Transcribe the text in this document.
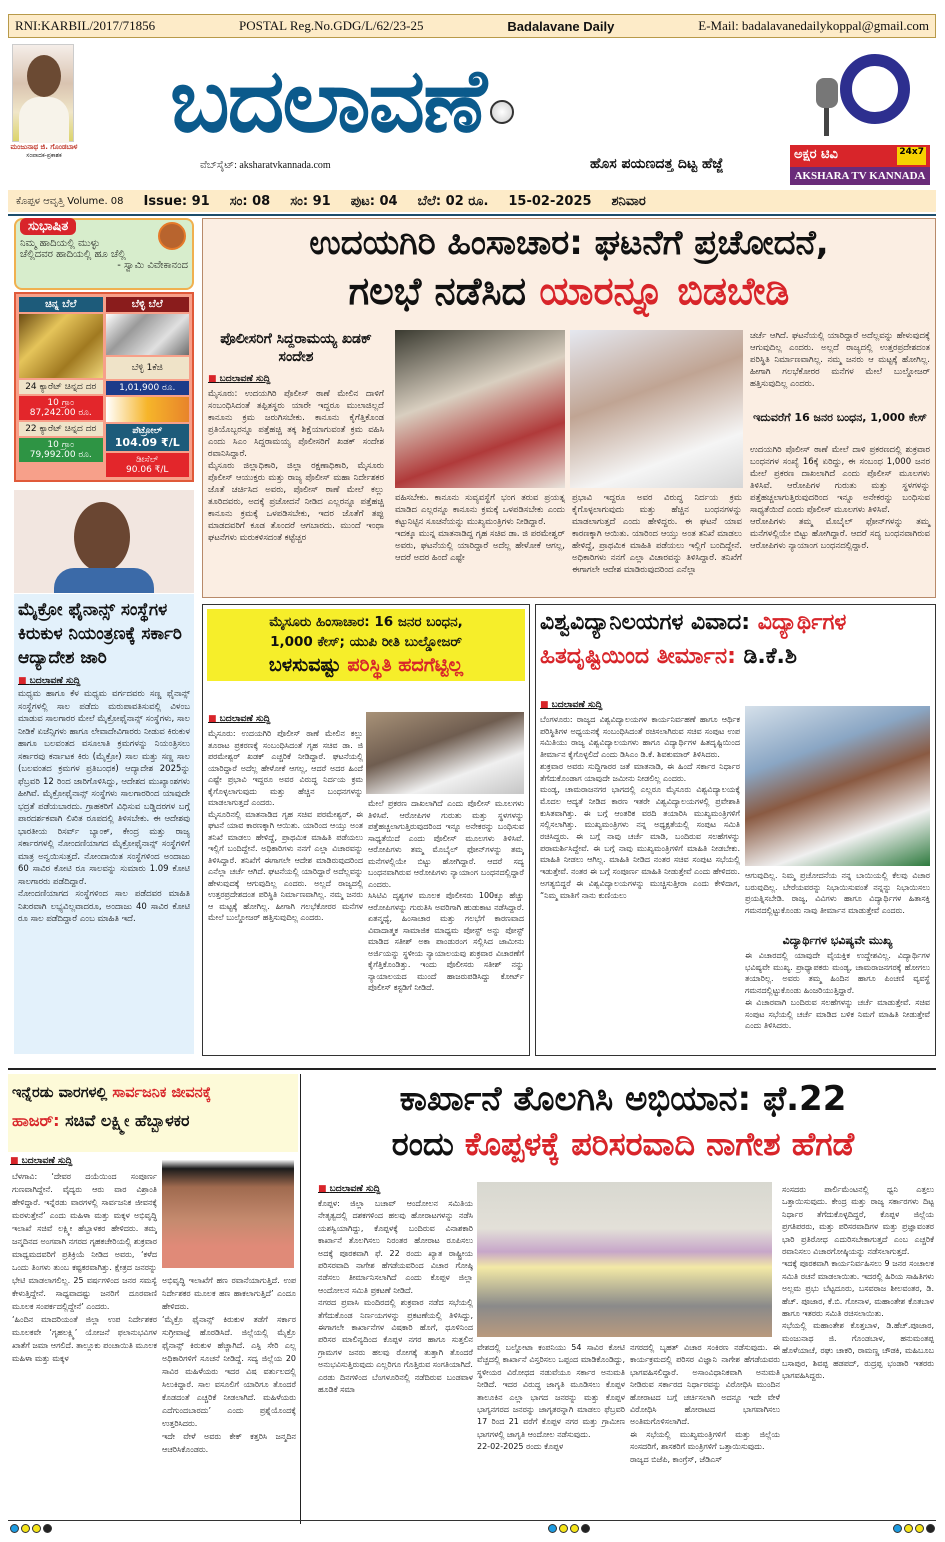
RNI:KARBIL/2017/71856	POSTAL Reg.No.GDG/L/62/23-25	Badalavane Daily	E-Mail: badalavanedailykoppal@gmail.com
ಮಂಜುನಾಥ ಜಿ. ಗೊಂಡಬಾಳ
ಸಂಪಾದಕ-ಪ್ರಕಾಶಕ
ಬದಲಾವಣೆ
ವೆಬ್‌ಸೈಟ್: aksharatvkannada.com	ಹೊಸ ಪಯಣದತ್ತ ದಿಟ್ಟ ಹೆಜ್ಜೆ
ಅಕ್ಷರ ಟಿವಿ	24x7
AKSHARA TV KANNADA
ಕೊಪ್ಪಳ ಆವೃತ್ತಿ Volume. 08 Issue: 91 ಸಂ: 08 ಸಂ: 91 ಪುಟ: 04 ಬೆಲೆ: 02 ರೂ. 15-02-2025 ಶನಿವಾರ
ಸುಭಾಷಿತ
ನಿಮ್ಮ ಹಾದಿಯಲ್ಲಿ ಮುಳ್ಳು
ಚೆಲ್ಲಿದವರ ಹಾದಿಯಲ್ಲಿ ಹೂ ಚೆಲ್ಲಿ
- ಸ್ವಾಮಿ ವಿವೇಕಾನಂದ
ಚಿನ್ನ ಬೆಲೆ
24 ಕ್ಯಾರೆಟ್ ಚಿನ್ನದ ದರ
10 ಗ್ರಾಂ
87,242.00 ರೂ.
22 ಕ್ಯಾರೆಟ್ ಚಿನ್ನದ ದರ
10 ಗ್ರಾಂ
79,992.00 ರೂ.
ಬೆಳ್ಳಿ ಬೆಲೆ
ಬೆಳ್ಳಿ 1ಕೆಜಿ
1,01,900 ರೂ.
ಪೆಟ್ರೋಲ್
104.09 ₹/L
ಡೀಸೆಲ್
90.06 ₹/L
ಮೈಕ್ರೋ ಫೈನಾನ್ಸ್ ಸಂಸ್ಥೆಗಳ ಕಿರುಕುಳ ನಿಯಂತ್ರಣಕ್ಕೆ ಸರ್ಕಾರಿ ಆದ್ಯಾದೇಶ ಜಾರಿ
■ ಬದಲಾವಣೆ ಸುದ್ದಿ
ಮಧ್ಯಮ ಹಾಗೂ ಕೆಳ ಮಧ್ಯಮ ವರ್ಗದವರು ಸಣ್ಣ ಫೈನಾನ್ಸ್ ಸಂಸ್ಥೆಗಳಲ್ಲಿ ಸಾಲ ಪಡೆದು ಮರುಪಾವತಿಸುವಲ್ಲಿ ವಿಳಂಬ ಮಾಡುವ ಸಾಲಗಾರರ ಮೇಲೆ ಮೈಕ್ರೋಫೈನಾನ್ಸ್ ಸಂಸ್ಥೆಗಳು, ಸಾಲ ನೀಡಿಕೆ ಏಜೆನ್ಸಿಗಳು ಹಾಗೂ ಲೇವಾದೇವಿಗಾರರು ನೀಡುವ ಕಿರುಕುಳ ಹಾಗೂ ಬಲವಂತದ ವಸೂಲಾತಿ ಕ್ರಮಗಳನ್ನು ನಿಯಂತ್ರಿಸಲು ಸರ್ಕಾರವು ಕರ್ನಾಟಕ ಕಿರು (ಮೈಕ್ರೋ) ಸಾಲ ಮತ್ತು ಸಣ್ಣ ಸಾಲ (ಬಲವಂತದ ಕ್ರಮಗಳ ಪ್ರತಿಬಂಧಕ) ಆದ್ಯಾದೇಶ 2025ನ್ನು ಫೆಬ್ರವರಿ 12 ರಿಂದ ಜಾರಿಗೊಳಿಸಿದ್ದು, ಆದೇಶದ ಮುಖ್ಯಾಂಶಗಳು ಹೀಗಿವೆ. ಮೈಕ್ರೋಫೈನಾನ್ಸ್ ಸಂಸ್ಥೆಗಳು ಸಾಲಗಾರರಿಂದ ಯಾವುದೇ ಭದ್ರತೆ ಪಡೆಯಬಾರದು. ಗ್ರಾಹಕರಿಗೆ ವಿಧಿಸುವ ಬಡ್ಡಿದರಗಳ ಬಗ್ಗೆ ಪಾರದರ್ಶಕವಾಗಿ ಲಿಖಿತ ರೂಪದಲ್ಲಿ ತಿಳಿಸಬೇಕು. ಈ ಆದೇಶವು ಭಾರತೀಯ ರಿಸರ್ವ್ ಬ್ಯಾಂಕ್, ಕೇಂದ್ರ ಮತ್ತು ರಾಜ್ಯ ಸರ್ಕಾರಗಳಲ್ಲಿ ನೋಂದಣಿಯಾಗದ ಮೈಕ್ರೋಫೈನಾನ್ಸ್ ಸಂಸ್ಥೆಗಳಿಗೆ ಮಾತ್ರ ಅನ್ವಯಿಸುತ್ತದೆ. ನೋಂದಾಯಿತ ಸಂಸ್ಥೆಗಳಿಂದ ಅಂದಾಜು 60 ಸಾವಿರ ಕೋಟಿ ರೂ ಸಾಲವನ್ನು ಸುಮಾರು 1.09 ಕೋಟಿ ಸಾಲಗಾರರು ಪಡೆದಿದ್ದಾರೆ.
ನೋಂದಣಿಯಾಗದ ಸಂಸ್ಥೆಗಳಿಂದ ಸಾಲ ಪಡೆದವರ ಮಾಹಿತಿ ನಿಖರವಾಗಿ ಲಭ್ಯವಿಲ್ಲವಾದರೂ, ಅಂದಾಜು 40 ಸಾವಿರ ಕೋಟಿ ರೂ ಸಾಲ ಪಡೆದಿದ್ದಾರೆ ಎಂಬ ಮಾಹಿತಿ ಇದೆ.
ಉದಯಗಿರಿ ಹಿಂಸಾಚಾರ: ಘಟನೆಗೆ ಪ್ರಚೋದನೆ,
ಗಲಭೆ ನಡೆಸಿದ ಯಾರನ್ನೂ ಬಿಡಬೇಡಿ
ಪೊಲೀಸರಿಗೆ ಸಿದ್ದರಾಮಯ್ಯ ಖಡಕ್ ಸಂದೇಶ
■ ಬದಲಾವಣೆ ಸುದ್ದಿ
ಮೈಸೂರು: ಉದಯಗಿರಿ ಪೊಲೀಸ್ ಠಾಣೆ ಮೇಲಿನ ದಾಳಿಗೆ ಸಂಬಂಧಿಸಿದಂತೆ ತಪ್ಪಿತಸ್ಥರು ಯಾರೇ ಇದ್ದರೂ ಮುಲಾಜಿಲ್ಲದೆ ಕಾನೂನು ಕ್ರಮ ಜರುಗಿಸಬೇಕು. ಕಾನೂನು ಕೈಗೆತ್ತಿಕೊಂಡ ಪ್ರತಿಯೊಬ್ಬರನ್ನೂ ಪತ್ತೆಹಚ್ಚಿ ತಕ್ಕ ಶಿಕ್ಷೆಯಾಗುವಂತೆ ಕ್ರಮ ವಹಿಸಿ ಎಂದು ಸಿಎಂ ಸಿದ್ದರಾಮಯ್ಯ ಪೊಲೀಸರಿಗೆ ಖಡಕ್ ಸಂದೇಶ ರವಾನಿಸಿದ್ದಾರೆ.
ಮೈಸೂರು ಜಿಲ್ಲಾಧಿಕಾರಿ, ಜಿಲ್ಲಾ ರಕ್ಷಣಾಧಿಕಾರಿ, ಮೈಸೂರು ಪೊಲೀಸ್ ಆಯುಕ್ತರು ಮತ್ತು ರಾಜ್ಯ ಪೊಲೀಸ್ ಮಹಾ ನಿರ್ದೇಶಕರ ಜೊತೆ ಚರ್ಚಿಸಿದ ಅವರು, ಪೊಲೀಸ್ ಠಾಣೆ ಮೇಲೆ ಕಲ್ಲು ತೂರಿದವರು, ಅದಕ್ಕೆ ಪ್ರಚೋದನೆ ನೀಡಿದ ಎಲ್ಲರನ್ನೂ ಪತ್ತೆಹಚ್ಚಿ ಕಾನೂನು ಕ್ರಮಕ್ಕೆ ಒಳಪಡಿಸಬೇಕು, ಇದರ ಜೊತೆಗೆ ತಪ್ಪು ಮಾಡದವರಿಗೆ ಕೂಡ ತೊಂದರೆ ಆಗಬಾರದು. ಮುಂದೆ ಇಂಥಾ ಘಟನೆಗಳು ಮರುಕಳಿಸದಂತೆ ಕಟ್ಟೆಚ್ಚರ
ವಹಿಸಬೇಕು. ಕಾನೂನು ಸುವ್ಯವಸ್ಥೆಗೆ ಭಂಗ ತರುವ ಪ್ರಯತ್ನ ಮಾಡಿದ ಎಲ್ಲರನ್ನೂ ಕಾನೂನು ಕ್ರಮಕ್ಕೆ ಒಳಪಡಿಸಬೇಕು ಎಂದು ಕಟ್ಟುನಿಟ್ಟಿನ ಸೂಚನೆಯನ್ನು ಮುಖ್ಯಮಂತ್ರಿಗಳು ನೀಡಿದ್ದಾರೆ.
ಇದಕ್ಕೂ ಮುನ್ನ ಮಾತನಾಡಿದ್ದ ಗೃಹ ಸಚಿವ ಡಾ. ಜಿ ಪರಮೇಶ್ವರ್ ಅವರು, ಘಟನೆಯಲ್ಲಿ ಯಾರಿದ್ದಾರೆ ಅದೆಲ್ಲ ಹೇಳೋಕೆ ಆಗಲ್ಲ, ಆದರೆ ಅದರ ಹಿಂದೆ ಎಷ್ಟೇ
ಪ್ರಭಾವಿ ಇದ್ದರೂ ಅವರ ವಿರುದ್ಧ ನಿರ್ದಯ ಕ್ರಮ ಕೈಗೊಳ್ಳಲಾಗುವುದು ಮತ್ತು ಹೆಚ್ಚಿನ ಬಂಧನಗಳನ್ನು ಮಾಡಲಾಗುತ್ತದೆ ಎಂದು ಹೇಳಿದ್ದರು. ಈ ಘಟನೆ ಯಾವ ಕಾರಣಕ್ಕಾಗಿ ಆಯಿತು. ಯಾರಿಂದ ಆಯ್ತು ಅಂತ ತನಿಖೆ ಮಾಡಲು ಹೇಳಿದ್ದೆ, ಪ್ರಾಥಮಿಕ ಮಾಹಿತಿ ಪಡೆಯಲು ಇಲ್ಲಿಗೆ ಬಂದಿದ್ದೇನೆ. ಅಧಿಕಾರಿಗಳು ನನಗೆ ಎಲ್ಲಾ ವಿಚಾರವನ್ನು ತಿಳಿಸಿದ್ದಾರೆ. ತನಿಖೆಗೆ ಈಗಾಗಲೇ ಆದೇಶ ಮಾಡಿರುವುದರಿಂದ ಎನೆಲ್ಲಾ
ಚರ್ಚೆ ಆಗಿದೆ. ಘಟನೆಯಲ್ಲಿ ಯಾರಿದ್ದಾರೆ ಅದೆಲ್ಲವನ್ನು ಹೇಳುವುದಕ್ಕೆ ಆಗುವುದಿಲ್ಲ ಎಂದರು. ಅಲ್ಲದೆ ರಾಜ್ಯದಲ್ಲಿ ಉತ್ತರಪ್ರದೇಶದಂತ ಪರಿಸ್ಥಿತಿ ನಿರ್ಮಾಣವಾಗಿಲ್ಲ. ನಮ್ಮ ಜನರು ಆ ಮಟ್ಟಕ್ಕೆ ಹೋಗಿಲ್ಲ. ಹೀಗಾಗಿ ಗಲಭೆಕೋರರ ಮನೆಗಳ ಮೇಲೆ ಬುಲ್ಡೋಜರ್ ಹತ್ತಿಸುವುದಿಲ್ಲ ಎಂದರು.
ಇದುವರೆಗೆ 16 ಜನರ ಬಂಧನ, 1,000 ಕೇಸ್
ಉದಯಗಿರಿ ಪೊಲೀಸ್ ಠಾಣೆ ಮೇಲೆ ದಾಳಿ ಪ್ರಕರಣದಲ್ಲಿ ಶುಕ್ರವಾರ ಬಂಧನಗಳ ಸಂಖ್ಯೆ 16ಕ್ಕೆ ಏರಿದ್ದು, ಈ ಸಂಬಂಧ 1,000 ಜನರ ಮೇಲೆ ಪ್ರಕರಣ ದಾಖಲಾಗಿದೆ ಎಂದು ಪೊಲೀಸ್ ಮೂಲಗಳು ತಿಳಿಸಿವೆ. ಆರೋಪಿಗಳ ಗುರುತು ಮತ್ತು ಸ್ಥಳಗಳನ್ನು ಪತ್ತೆಹಚ್ಚಲಾಗುತ್ತಿರುವುದರಿಂದ ಇನ್ನೂ ಅನೇಕರನ್ನು ಬಂಧಿಸುವ ಸಾಧ್ಯತೆಯಿದೆ ಎಂದು ಪೊಲೀಸ್ ಮೂಲಗಳು ತಿಳಿಸಿವೆ.
ಆರೋಪಿಗಳು ತಮ್ಮ ಮೊಬೈಲ್ ಫೋನ್‌ಗಳನ್ನು ತಮ್ಮ ಮನೆಗಳಲ್ಲಿಯೇ ಬಿಟ್ಟು ಹೋಗಿದ್ದಾರೆ. ಆದರೆ ಸದ್ಯ ಬಂಧನವಾಗಿರುವ ಆರೋಪಿಗಳು ನ್ಯಾಯಾಂಗ ಬಂಧನದಲ್ಲಿದ್ದಾರೆ.
ಮೈಸೂರು ಹಿಂಸಾಚಾರ: 16 ಜನರ ಬಂಧನ,
1,000 ಕೇಸ್; ಯುಪಿ ರೀತಿ ಬುಲ್ಡೋಜರ್
ಬಳಸುವಷ್ಟು ಪರಿಸ್ಥಿತಿ ಹದಗೆಟ್ಟಿಲ್ಲ
■ ಬದಲಾವಣೆ ಸುದ್ದಿ
ಮೈಸೂರು: ಉದಯಗಿರಿ ಪೊಲೀಸ್ ಠಾಣೆ ಮೇಲಿನ ಕಲ್ಲು ತೂರಾಟ ಪ್ರಕರಣಕ್ಕೆ ಸಂಬಂಧಿಸಿದಂತೆ ಗೃಹ ಸಚಿವ ಡಾ. ಜಿ ಪರಮೇಶ್ವರ್ ಖಡಕ್ ಎಚ್ಚರಿಕೆ ನೀಡಿದ್ದಾರೆ. ಘಟನೆಯಲ್ಲಿ ಯಾರಿದ್ದಾರೆ ಅದೆಲ್ಲ ಹೇಳೋಕೆ ಆಗಲ್ಲ, ಆದರೆ ಅದರ ಹಿಂದೆ ಎಷ್ಟೇ ಪ್ರಭಾವಿ ಇದ್ದರೂ ಅವರ ವಿರುದ್ಧ ನಿರ್ದಯ ಕ್ರಮ ಕೈಗೊಳ್ಳಲಾಗುವುದು ಮತ್ತು ಹೆಚ್ಚಿನ ಬಂಧನಗಳನ್ನು ಮಾಡಲಾಗುತ್ತದೆ ಎಂದರು.
ಮೈಸೂರಿನಲ್ಲಿ ಮಾತನಾಡಿದ ಗೃಹ ಸಚಿವ ಪರಮೇಶ್ವರ್, ಈ ಘಟನೆ ಯಾವ ಕಾರಣಕ್ಕಾಗಿ ಆಯಿತು. ಯಾರಿಂದ ಆಯ್ತು ಅಂತ ತನಿಖೆ ಮಾಡಲು ಹೇಳಿದ್ದೆ, ಪ್ರಾಥಮಿಕ ಮಾಹಿತಿ ಪಡೆಯಲು ಇಲ್ಲಿಗೆ ಬಂದಿದ್ದೇನೆ. ಅಧಿಕಾರಿಗಳು ನನಗೆ ಎಲ್ಲಾ ವಿಚಾರವನ್ನು ತಿಳಿಸಿದ್ದಾರೆ. ತನಿಖೆಗೆ ಈಗಾಗಲೇ ಆದೇಶ ಮಾಡಿರುವುದರಿಂದ ಎನೆಲ್ಲಾ ಚರ್ಚೆ ಆಗಿದೆ. ಘಟನೆಯಲ್ಲಿ ಯಾರಿದ್ದಾರೆ ಅದೆಲ್ಲವನ್ನು ಹೇಳುವುದಕ್ಕೆ ಆಗುವುದಿಲ್ಲ ಎಂದರು. ಅಲ್ಲದೆ ರಾಜ್ಯದಲ್ಲಿ ಉತ್ತರಪ್ರದೇಶದಂತ ಪರಿಸ್ಥಿತಿ ನಿರ್ಮಾಣವಾಗಿಲ್ಲ. ನಮ್ಮ ಜನರು ಆ ಮಟ್ಟಕ್ಕೆ ಹೋಗಿಲ್ಲ. ಹೀಗಾಗಿ ಗಲಭೆಕೋರರ ಮನೆಗಳ ಮೇಲೆ ಬುಲ್ಡೋಜರ್ ಹತ್ತಿಸುವುದಿಲ್ಲ ಎಂದರು.
ಮೇಲೆ ಪ್ರಕರಣ ದಾಖಲಾಗಿದೆ ಎಂದು ಪೊಲೀಸ್ ಮೂಲಗಳು ತಿಳಿಸಿವೆ. ಆರೋಪಿಗಳ ಗುರುತು ಮತ್ತು ಸ್ಥಳಗಳನ್ನು ಪತ್ತೆಹಚ್ಚಲಾಗುತ್ತಿರುವುದರಿಂದ ಇನ್ನೂ ಅನೇಕರನ್ನು ಬಂಧಿಸುವ ಸಾಧ್ಯತೆಯಿದೆ ಎಂದು ಪೊಲೀಸ್ ಮೂಲಗಳು ತಿಳಿಸಿವೆ. ಆರೋಪಿಗಳು ತಮ್ಮ ಮೊಬೈಲ್ ಫೋನ್‌ಗಳನ್ನು ತಮ್ಮ ಮನೆಗಳಲ್ಲಿಯೇ ಬಿಟ್ಟು ಹೋಗಿದ್ದಾರೆ. ಆದರೆ ಸದ್ಯ ಬಂಧನವಾಗಿರುವ ಆರೋಪಿಗಳು ನ್ಯಾಯಾಂಗ ಬಂಧನದಲ್ಲಿದ್ದಾರೆ ಎಂದರು.
ಸಿಸಿಟಿವಿ ದೃಶ್ಯಗಳ ಮೂಲಕ ಪೊಲೀಸರು 100ಕ್ಕೂ ಹೆಚ್ಚು ಆರೋಪಿಗಳನ್ನು ಗುರುತಿಸಿ ಅವರಿಗಾಗಿ ಹುಡುಕಾಟ ನಡೆಸಿದ್ದಾರೆ. ಏತನ್ಮಧ್ಯೆ, ಹಿಂಸಾಚಾರ ಮತ್ತು ಗಲಭೆಗೆ ಕಾರಣವಾದ ವಿವಾದಾತ್ಮಕ ಸಾಮಾಜಿಕ ಮಾಧ್ಯಮ ಪೋಸ್ಟ್ ಅನ್ನು ಪೋಸ್ಟ್ ಮಾಡಿದ ಸತೀಶ್ ಅಕಾ ಪಾಂಡುರಂಗ ಸಲ್ಲಿಸಿದ ಜಾಮೀನು ಅರ್ಜಿಯನ್ನು ಸ್ಥಳೀಯ ನ್ಯಾಯಾಲಯವು ಶುಕ್ರವಾರ ವಿಚಾರಣೆಗೆ ಕೈಗೆತ್ತಿಕೊಂಡಿತ್ತು. ಇಂದು ಪೊಲೀಸರು ಸತೀಶ್ ನನ್ನು ನ್ಯಾಯಾಲಯದ ಮುಂದೆ ಹಾಜರುಪಡಿಸಿದ್ದು ಕೋರ್ಟ್ ಪೊಲೀಸ್ ಕಸ್ಟಡಿಗೆ ನೀಡಿದೆ.
ವಿಶ್ವವಿದ್ಯಾನಿಲಯಗಳ ವಿವಾದ: ವಿದ್ಯಾರ್ಥಿಗಳ
ಹಿತದೃಷ್ಟಿಯಿಂದ ತೀರ್ಮಾನ: ಡಿ.ಕೆ.ಶಿ
■ ಬದಲಾವಣೆ ಸುದ್ದಿ
ಬೆಂಗಳೂರು: ರಾಜ್ಯದ ವಿಶ್ವವಿದ್ಯಾಲಯಗಳ ಕಾರ್ಯನಿರ್ವಹಣೆ ಹಾಗೂ ಆರ್ಥಿಕ ಪರಿಸ್ಥಿತಿಗಳ ಅಧ್ಯಯನಕ್ಕೆ ಸಂಬಂಧಿಸಿದಂತೆ ರಚಿಸಲಾಗಿರುವ ಸಚಿವ ಸಂಪುಟ ಉಪ ಸಮಿತಿಯು ರಾಜ್ಯ ವಿಶ್ವವಿದ್ಯಾಲಯಗಳು ಹಾಗೂ ವಿದ್ಯಾರ್ಥಿಗಳ ಹಿತದೃಷ್ಟಿಯಿಂದ ತೀರ್ಮಾನ ಕೈಗೊಳ್ಳಲಿದೆ ಎಂದು ಡಿಸಿಎಂ ಡಿ.ಕೆ. ಶಿವಕುಮಾರ್ ತಿಳಿಸಿದರು.
ಶುಕ್ರವಾರ ಅವರು ಸುದ್ದಿಗಾರರ ಜತೆ ಮಾತನಾಡಿ, ಈ ಹಿಂದೆ ಸರ್ಕಾರ ನಿರ್ಧಾರ ತೆಗೆದುಕೊಂಡಾಗ ಯಾವುದೇ ಜಮೀನು ನೀಡಲಿಲ್ಲ ಎಂದರು.
ಮಂಡ್ಯ, ಚಾಮರಾಜನಗರ ಭಾಗದಲ್ಲಿ ಎಲ್ಲರೂ ಮೈಸೂರು ವಿಶ್ವವಿದ್ಯಾಲಯಕ್ಕೆ ಮೊದಲ ಆದ್ಯತೆ ನೀಡಿದ ಕಾರಣ ಇತರೇ ವಿಶ್ವವಿದ್ಯಾಲಯಗಳಲ್ಲಿ ಪ್ರವೇಶಾತಿ ಕುಸಿತವಾಗಿತ್ತು. ಈ ಬಗ್ಗೆ ಆಂತರಿಕ ವರದಿ ತಯಾರಿಸಿ ಮುಖ್ಯಮಂತ್ರಿಗಳಿಗೆ ಸಲ್ಲಿಸಲಾಗಿತ್ತು. ಮುಖ್ಯಮಂತ್ರಿಗಳು ನನ್ನ ಅಧ್ಯಕ್ಷತೆಯಲ್ಲಿ ಸಂಪುಟ ಸಮಿತಿ ರಚಿಸಿದ್ದರು. ಈ ಬಗ್ಗೆ ನಾವು ಚರ್ಚೆ ಮಾಡಿ, ಬಂದಿರುವ ಸಲಹೆಗಳನ್ನು ಪರಾಮರ್ಶಿಸಿದ್ದೇವೆ. ಈ ಬಗ್ಗೆ ನಾವು ಮುಖ್ಯಮಂತ್ರಿಗಳಿಗೆ ಮಾಹಿತಿ ನೀಡಬೇಕು. ಮಾಹಿತಿ ನೀಡಲು ಆಗಿಲ್ಲ. ಮಾಹಿತಿ ನೀಡಿದ ನಂತರ ಸಚಿವ ಸಂಪುಟ ಸಭೆಯಲ್ಲಿ ಇಡುತ್ತೇವೆ. ನಂತರ ಈ ಬಗ್ಗೆ ಸಂಪೂರ್ಣ ಮಾಹಿತಿ ನೀಡುತ್ತೇವೆ ಎಂದು ಹೇಳಿದರು. ಅಗತ್ಯಬಿದ್ದರೆ ಈ ವಿಶ್ವವಿದ್ಯಾಲಯಗಳನ್ನು ಮುಚ್ಚಿಸುತ್ತೀರಾ ಎಂದು ಕೇಳಿದಾಗ, “ನಿಮ್ಮ ಮಾತಿಗೆ ನಾನು ಕುಣಿಯಲು
ಆಗುವುದಿಲ್ಲ. ನಿಮ್ಮ ಪ್ರಚೋದನೆಯ ನನ್ನ ಬಾಯಿಯಲ್ಲಿ ಕೆಲವು ವಿಚಾರ ಬರುವುದಿಲ್ಲ. ಬೇರೆಯವರನ್ನು ನಿಭಾಯಿಸುವಂತೆ ನನ್ನನ್ನು ನಿಭಾಯಿಸಲು ಪ್ರಯತ್ನಿಸಬೇಡಿ. ರಾಜ್ಯ, ವಿವಿಗಳು ಹಾಗೂ ವಿದ್ಯಾರ್ಥಿಗಳ ಹಿತಾಸಕ್ತಿ ಗಮನದಲ್ಲಿಟ್ಟುಕೊಂಡು ನಾವು ತೀರ್ಮಾನ ಮಾಡುತ್ತೇವೆ ಎಂದರು.
ವಿದ್ಯಾರ್ಥಿಗಳ ಭವಿಷ್ಯವೇ ಮುಖ್ಯ
ಈ ವಿಚಾರದಲ್ಲಿ ಯಾವುದೇ ವೈಯಕ್ತಿಕ ಉದ್ದೇಶವಿಲ್ಲ. ವಿದ್ಯಾರ್ಥಿಗಳ ಭವಿಷ್ಯವೇ ಮುಖ್ಯ. ಪ್ರಾಧ್ಯಾಪಕರು ಮಂಡ್ಯ, ಚಾಮರಾಜನಗರಕ್ಕೆ ಹೋಗಲು ತಯಾರಿಲ್ಲ. ಅವರು ತಮ್ಮ ಹಿಂದಿನ ಹಾಗೂ ಪಿಂಚಣಿ ವ್ಯವಸ್ಥೆ ಗಮನದಲ್ಲಿಟ್ಟುಕೊಂಡು ಹಿಂಜರಿಯುತ್ತಿದ್ದಾರೆ.
ಈ ವಿಚಾರವಾಗಿ ಬಂದಿರುವ ಸಲಹೆಗಳನ್ನು ಚರ್ಚೆ ಮಾಡುತ್ತೇವೆ. ಸಚಿವ ಸಂಪುಟ ಸಭೆಯಲ್ಲಿ ಚರ್ಚೆ ಮಾಡಿದ ಬಳಿಕ ನಿಮಗೆ ಮಾಹಿತಿ ನೀಡುತ್ತೇವೆ ಎಂದು ತಿಳಿಸಿದರು.
ಇನ್ನೆರಡು ವಾರಗಳಲ್ಲಿ ಸಾರ್ವಜನಿಕ ಜೀವನಕ್ಕೆ
ಹಾಜರ್: ಸಚಿವೆ ಲಕ್ಷ್ಮೀ ಹೆಬ್ಬಾಳಕರ
■ ಬದಲಾವಣೆ ಸುದ್ದಿ
ಬೆಳಗಾವಿ: ‘ದೇವರ ದಯೆಯಿಂದ ಸಂಪೂರ್ಣ ಗುಣವಾಗಿದ್ದೇನೆ. ವೈದ್ಯರು ಆರು ವಾರ ವಿಶ್ರಾಂತಿ ಹೇಳಿದ್ದಾರೆ. ಇನ್ನೆರಡು ವಾರಗಳಲ್ಲಿ ಸಾರ್ವಜನಿಕ ಜೀವನಕ್ಕೆ ಮರಳುತ್ತೇನೆ’ ಎಂದು ಮಹಿಳಾ ಮತ್ತು ಮಕ್ಕಳ ಅಭಿವೃದ್ಧಿ ಇಲಾಖೆ ಸಚಿವೆ ಲಕ್ಷ್ಮೀ ಹೆಬ್ಬಾಳಕರ ಹೇಳಿದರು. ತಮ್ಮ ಜನ್ಮದಿನದ ಅಂಗವಾಗಿ ನಗರದ ಗೃಹಕಚೇರಿಯಲ್ಲಿ ಶುಕ್ರವಾರ ಮಾಧ್ಯಮದವರಿಗೆ ಪ್ರತಿಕ್ರಿಯೆ ನೀಡಿದ ಅವರು, ‘ಕಳೆದ ಒಂದು ತಿಂಗಳು ತುಂಬ ಕಷ್ಟಕರವಾಗಿತ್ತು. ಕ್ಷೇತ್ರದ ಜನರನ್ನು ಭೇಟಿ ಮಾಡಲಾಗಲಿಲ್ಲ. 25 ವರ್ಷಗಳಿಂದ ಜನರ ಸಮಸ್ಯೆ ಕೇಳುತ್ತಿದ್ದೇನೆ. ಸಾಧ್ಯವಾದಷ್ಟು ಜನರಿಗೆ ದೂರವಾಣಿ ಮೂಲಕ ಸಂಪರ್ಕದಲ್ಲಿದ್ದೇನೆ’ ಎಂದರು.
‘ಹಿಂದಿನ ಮಾದರಿಯಂತೆ ಜಿಲ್ಲಾ ಉಪ ನಿರ್ದೇಶಕರ ಮೂಲಕವೇ ‘ಗೃಹಲಕ್ಷ್ಮಿ’ ಯೋಜನೆ ಫಲಾನುಭವಿಗಳ ಖಾತೆಗೆ ಜಮಾ ಆಗಲಿದೆ. ತಾಲ್ಲೂಕು ಪಂಚಾಯಿತಿ ಮೂಲಕ ಮಹಿಳಾ ಮತ್ತು ಮಕ್ಕಳ
ಅಭಿವೃದ್ಧಿ ಇಲಾಖೆಗೆ ಹಣ ರವಾನೆಯಾಗುತ್ತಿದೆ. ಉಪ ನಿರ್ದೇಶಕರ ಮೂಲಕ ಹಣ ಹಾಕಲಾಗುತ್ತಿದೆ’ ಎಂದೂ ಹೇಳಿದರು.
‘ಮೈಕ್ರೊ ಫೈನಾನ್ಸ್ ಕಿರುಕುಳ ತಡೆಗೆ ಸರ್ಕಾರ ಸುಗ್ರೀವಾಜ್ಞೆ ಹೊರಡಿಸಿದೆ. ಜಿಲ್ಲೆಯಲ್ಲಿ ಮೈಕ್ರೊ ಫೈನಾನ್ಸ್ ಕಿರುಕುಳ ಹೆಚ್ಚಾಗಿದೆ. ಎಸ್ಪಿ ಸೇರಿ ಎಲ್ಲ ಅಧಿಕಾರಿಗಳಿಗೆ ಸೂಚನೆ ನೀಡಿದ್ದೆ. ಸದ್ಯ ಜಿಲ್ಲೆಯ 20 ಸಾವಿರ ಮಹಿಳೆಯರು ಇದರ ವಿಷ ವರ್ತುಲದಲ್ಲಿ ಸಿಲುಕಿದ್ದಾರೆ. ಸಾಲ ವಸೂಲಿಗೆ ಯಾರಿಗೂ ತೊಂದರೆ ಕೊಡದಂತೆ ಎಚ್ಚರಿಕೆ ನೀಡಲಾಗಿದೆ. ಮಹಿಳೆಯರು ಎದೆಗುಂದಬಾರದು’ ಎಂದು ಪ್ರಶ್ನೆಯೊಂದಕ್ಕೆ ಉತ್ತರಿಸಿದರು.
ಇದೇ ವೇಳೆ ಅವರು ಕೇಕ್ ಕತ್ತರಿಸಿ ಜನ್ಮದಿನ ಆಚರಿಸಿಕೊಂಡರು.
ಕಾರ್ಖಾನೆ ತೊಲಗಿಸಿ ಅಭಿಯಾನ: ಫೆ.22
ರಂದು ಕೊಪ್ಪಳಕ್ಕೆ ಪರಿಸರವಾದಿ ನಾಗೇಶ ಹೆಗಡೆ
■ ಬದಲಾವಣೆ ಸುದ್ದಿ
ಕೊಪ್ಪಳ: ಜಿಲ್ಲಾ ಬಚಾವ್ ಆಂದೋಲನ ಸಮಿತಿಯ ನೇತೃತ್ವದಲ್ಲಿ ದಶಕಗಳಿಂದ ಹಲವು ಹೋರಾಟಗಳನ್ನು ನಡೆಸಿ ಯಶಸ್ವಿಯಾಗಿದ್ದು, ಕೊಪ್ಪಳಕ್ಕೆ ಬಂದಿರುವ ವಿನಾಶಕಾರಿ ಕಾರ್ಖಾನೆ ತೊಲಗಿಸಲು ನಿರಂತರ ಹೋರಾಟ ರೂಪಿಸಲು ಅದಕ್ಕೆ ಪೂರಕವಾಗಿ ಫೆ. 22 ರಂದು ಖ್ಯಾತ ರಾಷ್ಟ್ರೀಯ ಪರಿಸರವಾದಿ ನಾಗೇಶ ಹೆಗಡೆಯವರಿಂದ ವಿಚಾರ ಗೋಷ್ಠಿ ನಡೆಸಲು ತೀರ್ಮಾನಿಸಲಾಗಿದೆ ಎಂದು ಕೊಪ್ಪಳ ಜಿಲ್ಲಾ ಆಂದೋಲನ ಸಮಿತಿ ಪ್ರಕಟಣೆ ನೀಡಿದೆ.
ನಗರದ ಪ್ರವಾಸಿ ಮಂದಿರದಲ್ಲಿ ಶುಕ್ರವಾರ ನಡೆದ ಸಭೆಯಲ್ಲಿ ತೆಗೆದುಕೊಂಡ ನಿರ್ಣಯಗಳನ್ನು ಪ್ರಕಟಣೆಯಲ್ಲಿ ತಿಳಿಸಿದ್ದು, ಈಗಾಗಲೇ ಕಾರ್ಖಾನೆಗಳ ವಿಷಕಾರಿ ಹೊಗೆ, ಧೂಳಿನಿಂದ ಪರಿಸರ ಮಾಲಿನ್ಯದಿಂದ ಕೊಪ್ಪಳ ನಗರ ಹಾಗೂ ಸುತ್ತಲಿನ ಗ್ರಾಮಗಳ ಜನರು ಹಲವು ರೋಗಕ್ಕೆ ತುತ್ತಾಗಿ ತೊಂದರೆ ಅನುಭವಿಸುತ್ತಿರುವುದು ಎಲ್ಲರಿಗೂ ಗೊತ್ತಿರುವ ಸಂಗತಿಯಾಗಿದೆ.
ಎರಡು ದಿನಗಳಿಂದ ಬೆಂಗಳೂರಿನಲ್ಲಿ ನಡೆದಿರುವ ಬಂಡವಾಳ ಹೂಡಿಕೆ ಸಮಾ
ವೇಶದಲ್ಲಿ ಬಲ್ಡೋಟಾ ಕಂಪನಿಯು 54 ಸಾವಿರ ಕೋಟಿ ವೆಚ್ಚದಲ್ಲಿ ಕಾರ್ಖಾನೆ ವಿಸ್ತರಿಸಲು ಒಪ್ಪಂದ ಮಾಡಿಕೊಂಡಿದ್ದು, ಸ್ಥಳೀಯರ ವಿರೋಧದ ನಡುವೆಯೂ ಸರ್ಕಾರ ಅನುಮತಿ ನೀಡಿದೆ. ಇದರ ವಿರುದ್ಧ ಜಾಗೃತಿ ಮೂಡಿಸಲು ಕೊಪ್ಪಳ ತಾಲೂಕಿನ ಎಲ್ಲಾ ಭಾಗದ ಜನರನ್ನು ಮತ್ತು ಕೊಪ್ಪಳ ಭಾಗ್ಯನಗರದ ಜನರನ್ನು ಜಾಗೃತರನ್ನಾಗಿ ಮಾಡಲು ಫೆಬ್ರವರಿ 17 ರಿಂದ 21 ವರೆಗೆ ಕೊಪ್ಪಳ ನಗರ ಮತ್ತು ಗ್ರಾಮೀಣ ಭಾಗಗಳಲ್ಲಿ ಜಾಗೃತಿ ಆಂದೋಲ ನಡೆಸುವುದು.
22-02-2025 ರಂದು ಕೊಪ್ಪಳ
ನಗರದಲ್ಲಿ ಬೃಹತ್ ವಿಚಾರ ಸಂಕಿರಣ ನಡೆಸುವುದು. ಈ ಕಾರ್ಯಕ್ರಮದಲ್ಲಿ ಪರಿಸರ ವಿಜ್ಞಾನಿ ನಾಗೇಶ ಹೆಗಡೆಯವರು ಭಾಗವಹಿಸಲಿದ್ದಾರೆ. ಅಸಾಂವಿಧಾನಿಕವಾಗಿ ಅನುಮತಿ ನೀಡಿರುವ ಸರ್ಕಾರದ ನಿರ್ಧಾರವನ್ನು ವಿರೋಧಿಸಿ ಮುಂದಿನ ಹೋರಾಟದ ಬಗ್ಗೆ ಚರ್ಚಿಸಲಾಗಿ ಅದನ್ನೂ ಇದೇ ವೇಳೆ ವಿರೋಧಿಸಿ ಹೋರಾಟದ ಭಾಗವಾಗಿಸಲು ಅಂತಿಮಗೊಳಿಸಲಾಗಿದೆ.
ಈ ಸಭೆಯಲ್ಲಿ ಮುಖ್ಯಮಂತ್ರಿಗಳಿಗೆ ಮತ್ತು ಜಿಲ್ಲೆಯ ಸಂಸದರಿಗೆ, ಶಾಸಕರಿಗೆ ಮಂತ್ರಿಗಳಿಗೆ ಒತ್ತಾಯಿಸುವುದು.
ರಾಜ್ಯದ ಬಿಜೆಪಿ, ಕಾಂಗ್ರೆಸ್, ಜೆಡಿಎಸ್
ಸಂಸದರು ಪಾರ್ಲಿಮೆಂಟನಲ್ಲಿ ಧ್ವನಿ ಎತ್ತಲು ಒತ್ತಾಯಿಸುವುದು. ಕೇಂದ್ರ ಮತ್ತು ರಾಜ್ಯ ಸರ್ಕಾರಗಳು ದಿಟ್ಟ ನಿರ್ಧಾರ ತೆಗೆದುಕೊಳ್ಳದಿದ್ದರೆ, ಕೊಪ್ಪಳ ಜಿಲ್ಲೆಯ ಪ್ರಗತಿಪರರು, ಮತ್ತು ಪರಿಸರವಾದಿಗಳ ಮತ್ತು ಪ್ರಜ್ಞಾವಂತರ ಭಾರಿ ಪ್ರತಿರೋಧ ಎದುರಿಸಬೇಕಾಗುತ್ತದೆ ಎಂಬ ಎಚ್ಚರಿಕೆ ರವಾನಿಸಲು ವಿಚಾರಗೋಷ್ಠಿಯನ್ನು ನಡೆಸಲಾಗುತ್ತದೆ.
ಇದಕ್ಕೆ ಪೂರಕವಾಗಿ ಕಾರ್ಯನಿರ್ವಹಿಸಲು 9 ಜನರ ಸಂಚಾಲಕ ಸಮಿತಿ ರಚನೆ ಮಾಡಲಾಯಿತು. ಇದರಲ್ಲಿ ಹಿರಿಯ ಸಾಹಿತಿಗಳು ಅಲ್ಲಮ ಪ್ರಭು ಬೆಟ್ಟದೂರು, ಬಸವರಾಜ ಶೀಲವಂತರ, ಡಿ. ಹೆಚ್. ಪೂಜಾರ, ಕೆ.ಬಿ. ಗೋನಾಳ, ಮಹಾಂತೇಶ ಕೊತಬಾಳ ಹಾಗೂ ಇತರರು ಸಮಿತಿ ರಚಿಸಲಾಯಿತು.
ಸಭೆಯಲ್ಲಿ ಮಹಾಂತೇಶ ಕೊತ್ತಬಾಳ, ಡಿ.ಹೆಚ್.ಪೂಜಾರ, ಮಂಜುನಾಥ ಜಿ. ಗೊಂಡಬಾಳ, ಹನುಮಂತಪ್ಪ ಹೊಳೆಯಾಚೆ, ರಘು ಚಾಕರಿ, ರಾಮಣ್ಣ ಚೌಡಕಿ, ಮಹಿಬೂಬ ಬಸಾಪುರ, ಶಿವಪ್ಪ ಹಡಪದ್, ರುದ್ರಪ್ಪ ಭಂಡಾರಿ ಇತರರು ಭಾಗವಹಿಸಿದ್ದರು.
